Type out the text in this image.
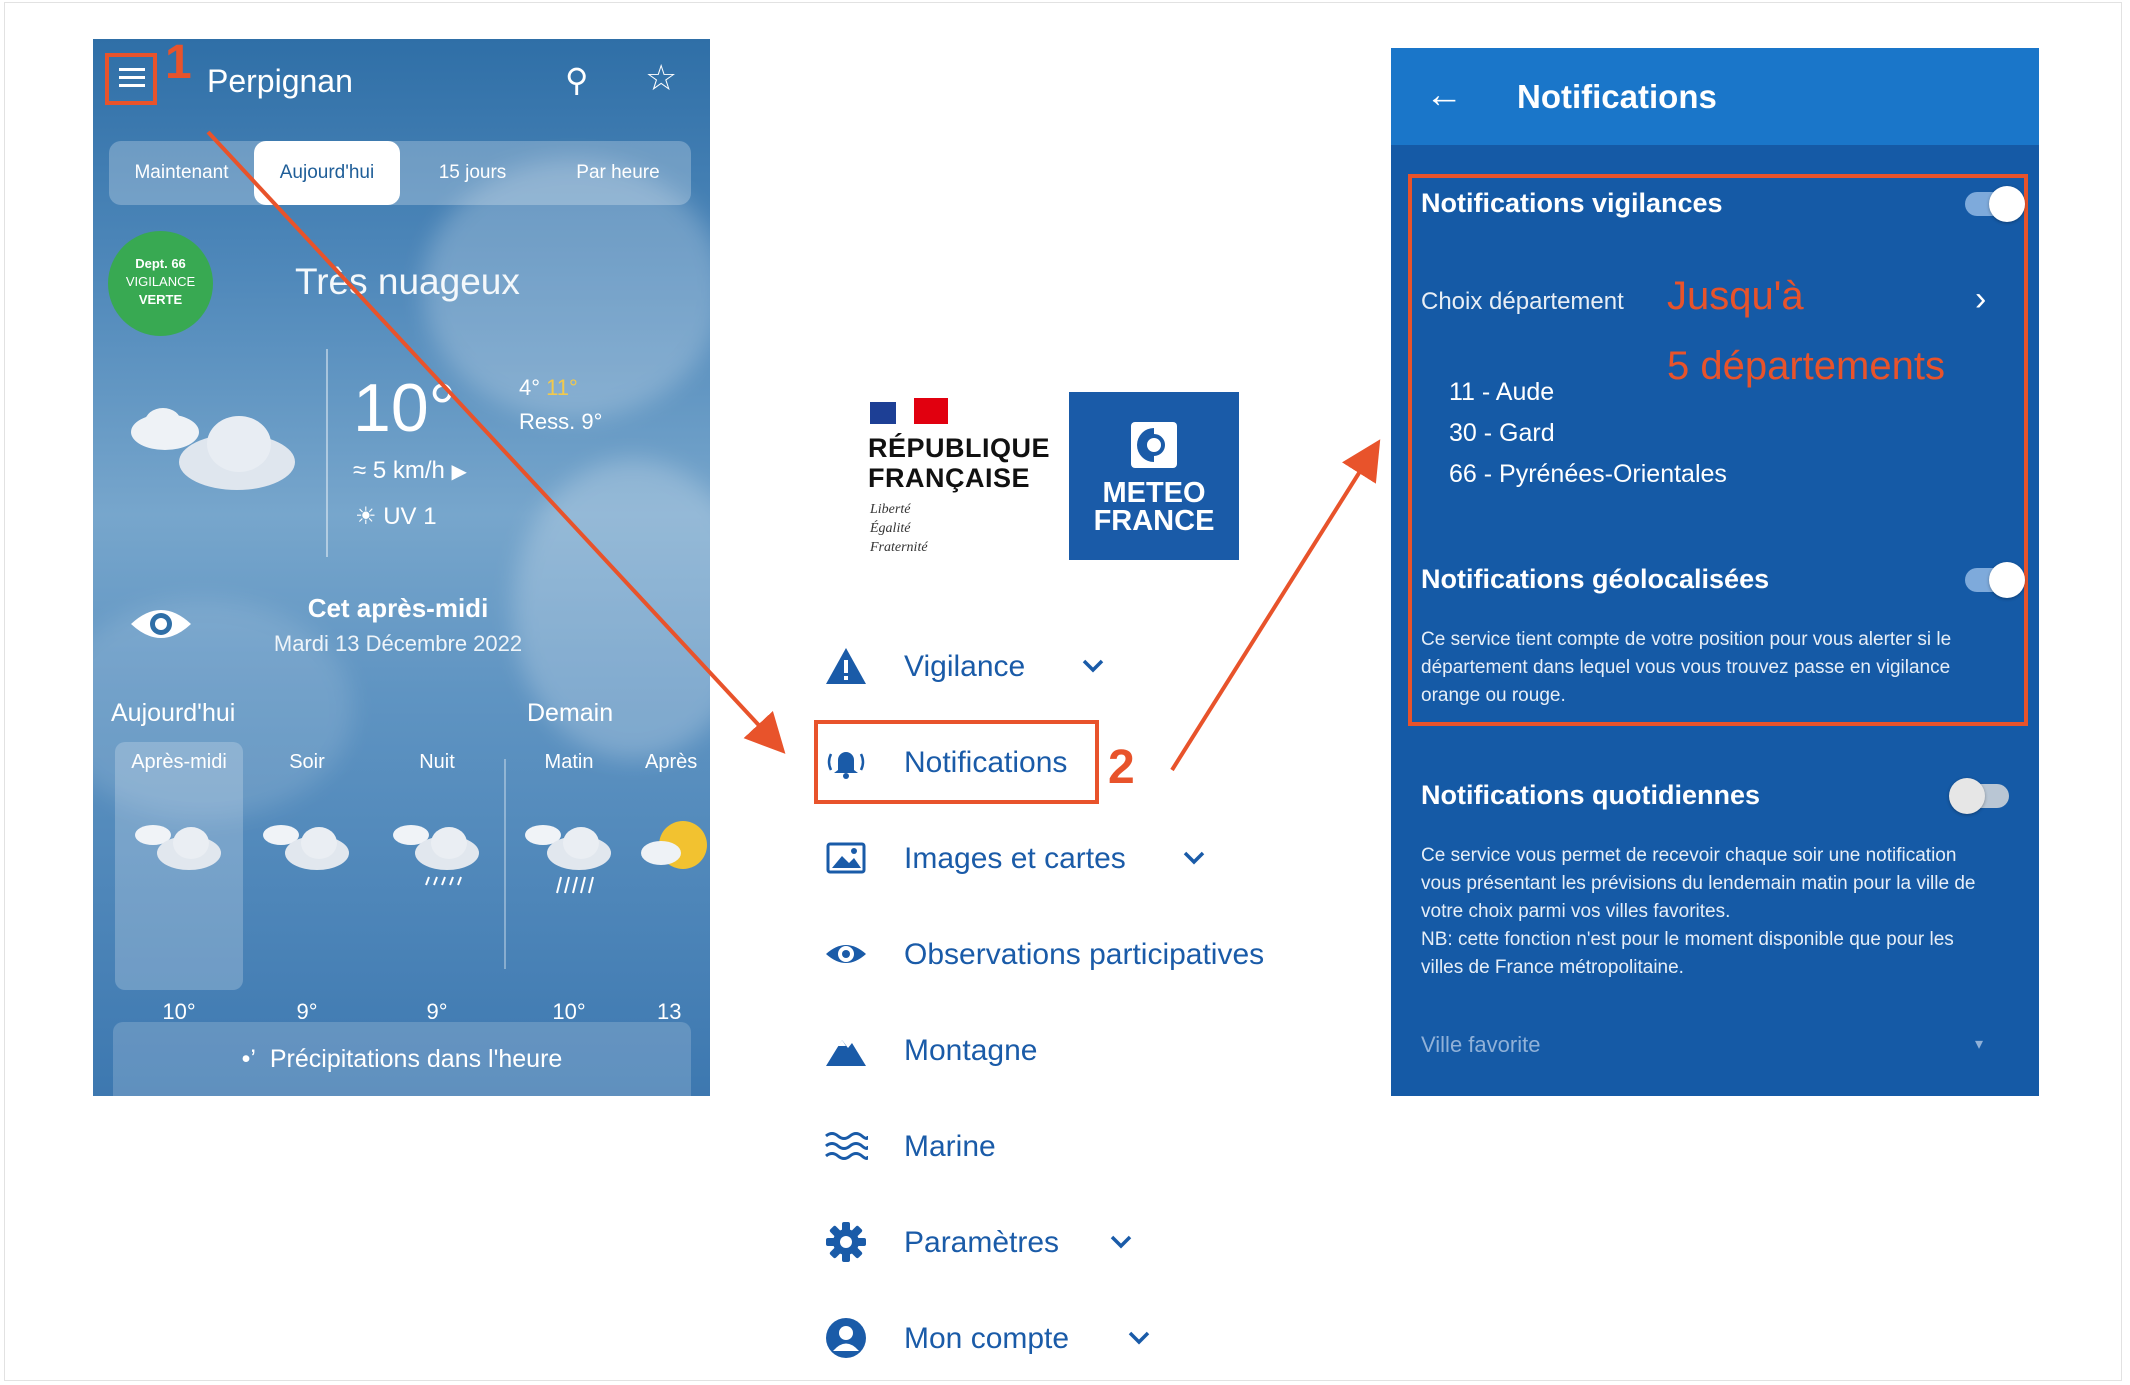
1 Perpignan	⚲ ☆
Maintenant	Aujourd'hui	15 jours	Par heure
Dept. 66
VIGILANCE
VERTE	Très nuageux
10°	4° 11°
Ress. 9°
≈ 5 km/h ▶
☀ UV 1
Cet après-midi
Mardi 13 Décembre 2022
Aujourd'hui	Demain
Après-midi
10°
Soir
9°
Nuit
9°
Matin
10°
Après
13
•’ Précipitations dans l'heure
RÉPUBLIQUE
FRANÇAISE
Liberté
Égalité
Fraternité
METEO
FRANCE
Vigilance
Notifications 2
Images et cartes
Observations participatives
Montagne
Marine
Paramètres
Mon compte
← Notifications
Notifications vigilances
Choix département	›
Jusqu'à
5 départements
11 - Aude
30 - Gard
66 - Pyrénées-Orientales
Notifications géolocalisées
Ce service tient compte de votre position pour vous alerter si le
département dans lequel vous vous trouvez passe en vigilance
orange ou rouge.
Notifications quotidiennes
Ce service vous permet de recevoir chaque soir une notification
vous présentant les prévisions du lendemain matin pour la ville de
votre choix parmi vos villes favorites.
NB: cette fonction n'est pour le moment disponible que pour les
villes de France métropolitaine.
Ville favorite	▾
